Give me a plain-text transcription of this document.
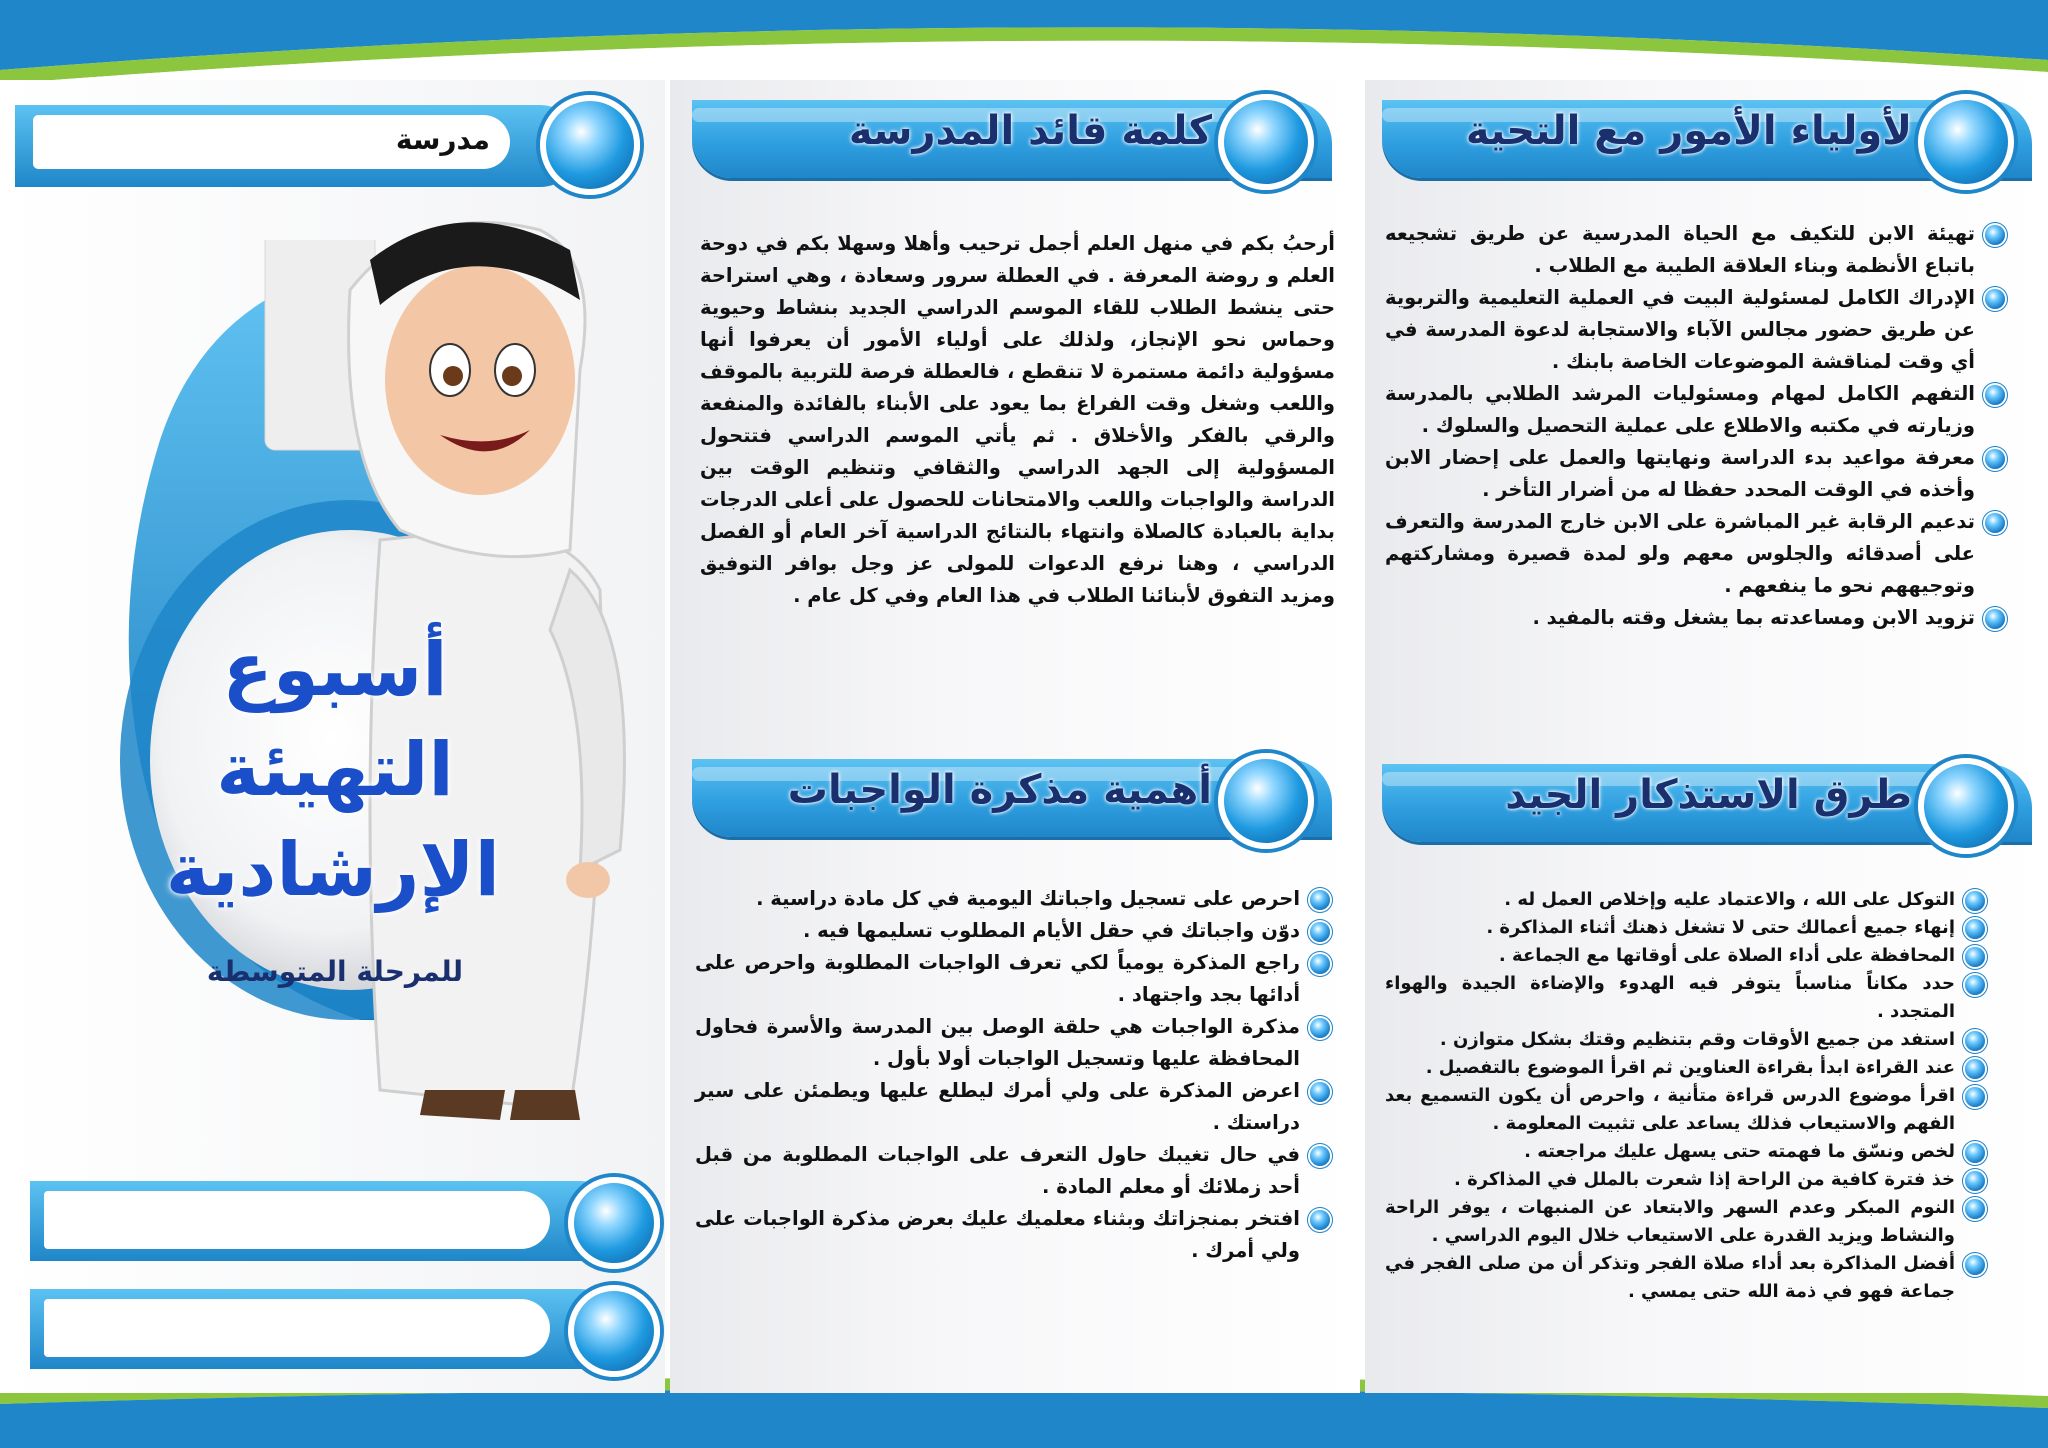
لأولياء الأمور مع التحية
تهيئة الابن للتكيف مع الحياة المدرسية عن طريق تشجيعه باتباع الأنظمة وبناء العلاقة الطيبة مع الطلاب .
الإدراك الكامل لمسئولية البيت في العملية التعليمية والتربوية عن طريق حضور مجالس الآباء والاستجابة لدعوة المدرسة في أي وقت لمناقشة الموضوعات الخاصة بابنك .
التفهم الكامل لمهام ومسئوليات المرشد الطلابي بالمدرسة وزيارته في مكتبه والاطلاع على عملية التحصيل والسلوك .
معرفة مواعيد بدء الدراسة ونهايتها والعمل على إحضار الابن وأخذه في الوقت المحدد حفظا له من أضرار التأخر .
تدعيم الرقابة غير المباشرة على الابن خارج المدرسة والتعرف على أصدقائه والجلوس معهم ولو لمدة قصيرة ومشاركتهم وتوجيههم نحو ما ينفعهم .
تزويد الابن ومساعدته بما يشغل وقته بالمفيد .
طرق الاستذكار الجيد
التوكل على الله ، والاعتماد عليه وإخلاص العمل له .
إنهاء جميع أعمالك حتى لا تشغل ذهنك أثناء المذاكرة .
المحافظة على أداء الصلاة على أوقاتها مع الجماعة .
حدد مكاناً مناسباً يتوفر فيه الهدوء والإضاءة الجيدة والهواء المتجدد .
استفد من جميع الأوقات وقم بتنظيم وقتك بشكل متوازن .
عند القراءة ابدأ بقراءة العناوين ثم اقرأ الموضوع بالتفصيل .
اقرأ موضوع الدرس قراءة متأنية ، واحرص أن يكون التسميع بعد الفهم والاستيعاب فذلك يساعد على تثبيت المعلومة .
لخص ونسّق ما فهمته حتى يسهل عليك مراجعته .
خذ فترة كافية من الراحة إذا شعرت بالملل في المذاكرة .
النوم المبكر وعدم السهر والابتعاد عن المنبهات ، يوفر الراحة والنشاط ويزيد القدرة على الاستيعاب خلال اليوم الدراسي .
أفضل المذاكرة بعد أداء صلاة الفجر وتذكر أن من صلى الفجر في جماعة فهو في ذمة الله حتى يمسي .
كلمة قائد المدرسة

أرحبُ بكم في منهل العلم أجمل ترحيب وأهلا وسهلا بكم في دوحة العلم و روضة المعرفة . في العطلة سرور وسعادة ، وهي استراحة حتى ينشط الطلاب للقاء الموسم الدراسي الجديد بنشاط وحيوية وحماس نحو الإنجاز، ولذلك على أولياء الأمور أن يعرفوا أنها مسؤولية دائمة مستمرة لا تنقطع ، فالعطلة فرصة للتربية بالموقف واللعب وشغل وقت الفراغ بما يعود على الأبناء بالفائدة والمنفعة والرقي بالفكر والأخلاق . ثم يأتي الموسم الدراسي فتتحول المسؤولية إلى الجهد الدراسي والثقافي وتنظيم الوقت بين الدراسة والواجبات واللعب والامتحانات للحصول على أعلى الدرجات بداية بالعبادة كالصلاة وانتهاء بالنتائج الدراسية آخر العام أو الفصل الدراسي ، وهنا نرفع الدعوات للمولى عز وجل بوافر التوفيق ومزيد التفوق لأبنائنا الطلاب في هذا العام وفي كل عام .

أهمية مذكرة الواجبات
احرص على تسجيل واجباتك اليومية في كل مادة دراسية .
دوّن واجباتك في حقل الأيام المطلوب تسليمها فيه .
راجع المذكرة يومياً لكي تعرف الواجبات المطلوبة واحرص على أدائها بجد واجتهاد .
مذكرة الواجبات هي حلقة الوصل بين المدرسة والأسرة فحاول المحافظة عليها وتسجيل الواجبات أولا بأول .
اعرض المذكرة على ولي أمرك ليطلع عليها ويطمئن على سير دراستك .
في حال تغيبك حاول التعرف على الواجبات المطلوبة من قبل أحد زملائك أو معلم المادة .
افتخر بمنجزاتك وبثناء معلميك عليك بعرض مذكرة الواجبات على ولي أمرك .
مدرسة
أسبوع
التهيئة
الإرشادية
للمرحلة المتوسطة
